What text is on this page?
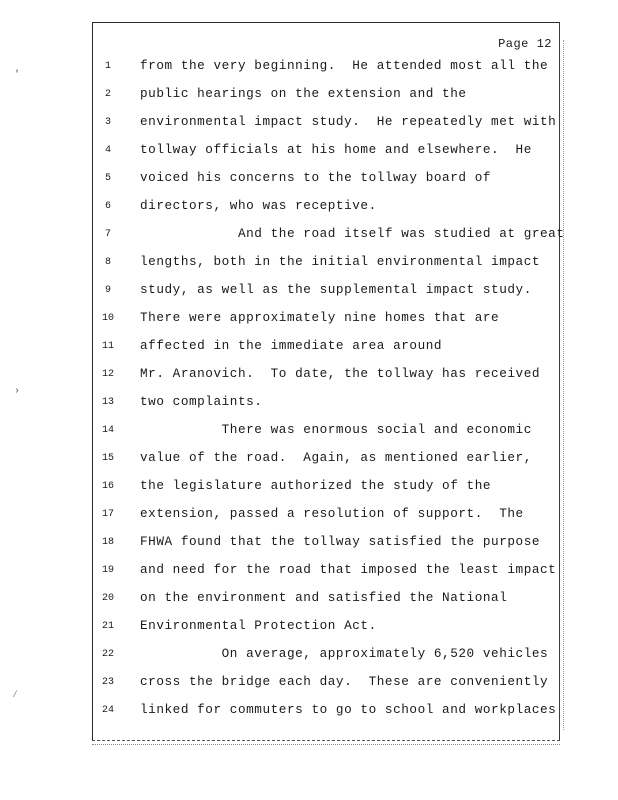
'
›
⁄
Page 12
1	from the very beginning.  He attended most all the
2	public hearings on the extension and the
3	environmental impact study.  He repeatedly met with
4	tollway officials at his home and elsewhere.  He
5	voiced his concerns to the tollway board of
6	directors, who was receptive.
7	And the road itself was studied at great
8	lengths, both in the initial environmental impact
9	study, as well as the supplemental impact study.
10	There were approximately nine homes that are
11	affected in the immediate area around
12	Mr. Aranovich.  To date, the tollway has received
13	two complaints.
14	There was enormous social and economic
15	value of the road.  Again, as mentioned earlier,
16	the legislature authorized the study of the
17	extension, passed a resolution of support.  The
18	FHWA found that the tollway satisfied the purpose
19	and need for the road that imposed the least impact
20	on the environment and satisfied the National
21	Environmental Protection Act.
22	On average, approximately 6,520 vehicles
23	cross the bridge each day.  These are conveniently
24	linked for commuters to go to school and workplaces
